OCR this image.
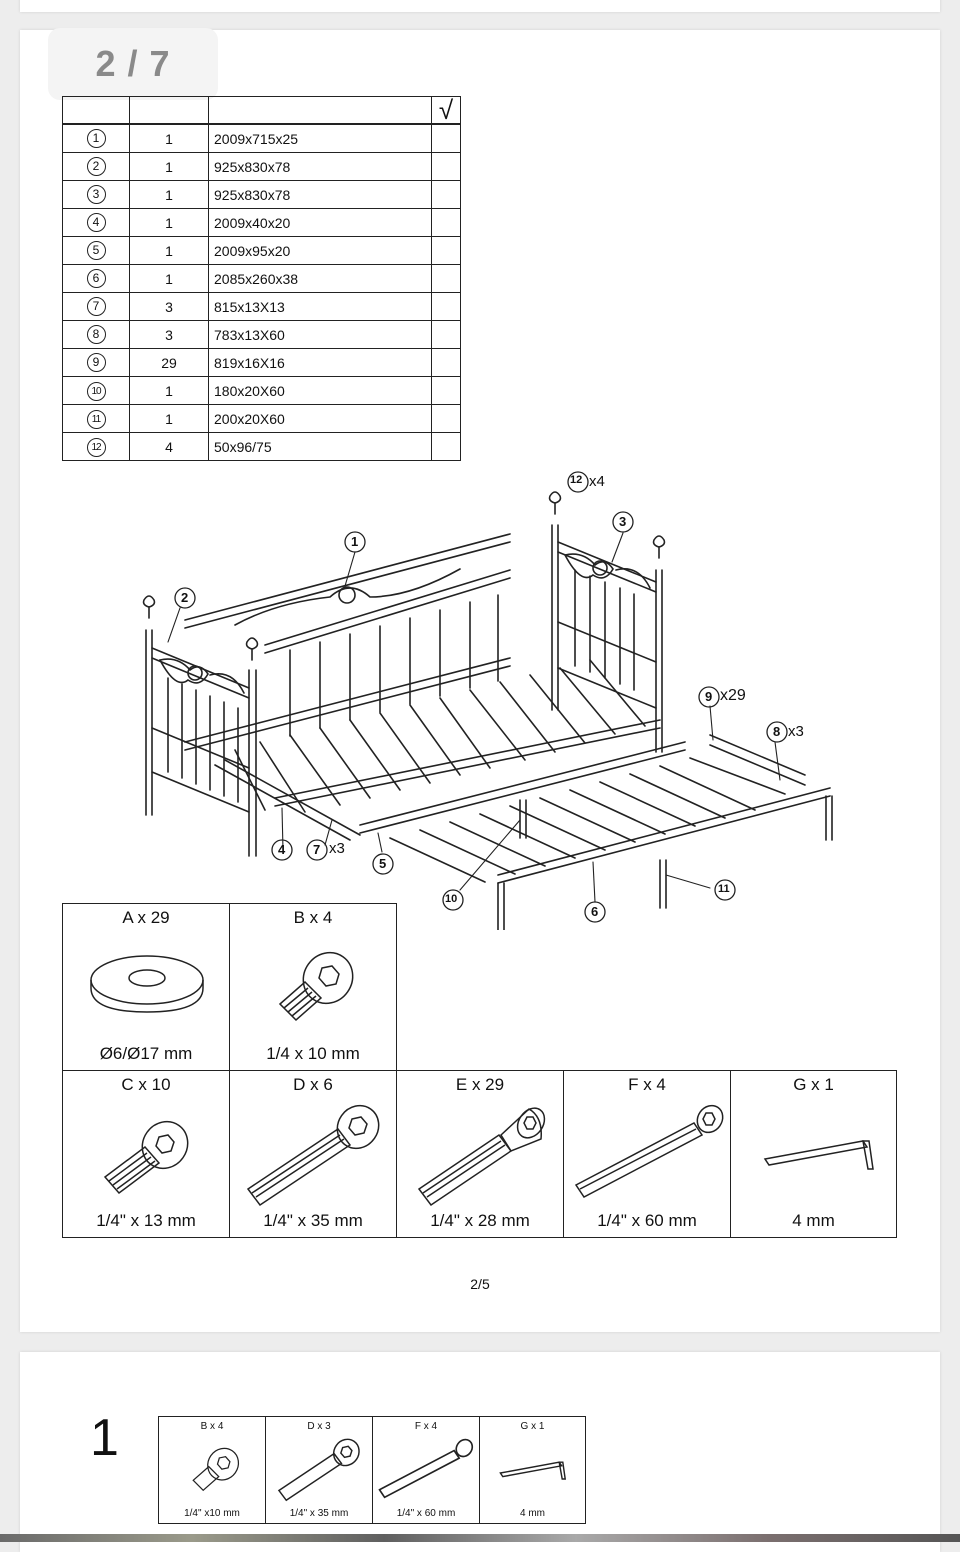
2 / 7
			√
1	1	2009x715x25	
2	1	925x830x78	
3	1	925x830x78	
4	1	2009x40x20	
5	1	2009x95x20	
6	1	2085x260x38	
7	3	815x13X13	
8	3	783x13X60	
9	29	819x16X16	
10	1	180x20X60	
11	1	200x20X60	
12	4	50x96/75	
12 x4
1
2
3
4 7 x3
5
10
6
11
9 x29
8 x3
A x 29
Ø6/Ø17 mm
B x 4
1/4 x 10 mm
C x 10
1/4" x 13 mm
D x 6
1/4" x 35 mm
E x 29
1/4" x 28 mm
F x 4
1/4" x 60 mm
G x 1
4 mm
2/5
1	B x 4
1/4" x10 mm
D x 3
1/4" x 35 mm
F x 4
1/4" x 60 mm
G x 1
4 mm
